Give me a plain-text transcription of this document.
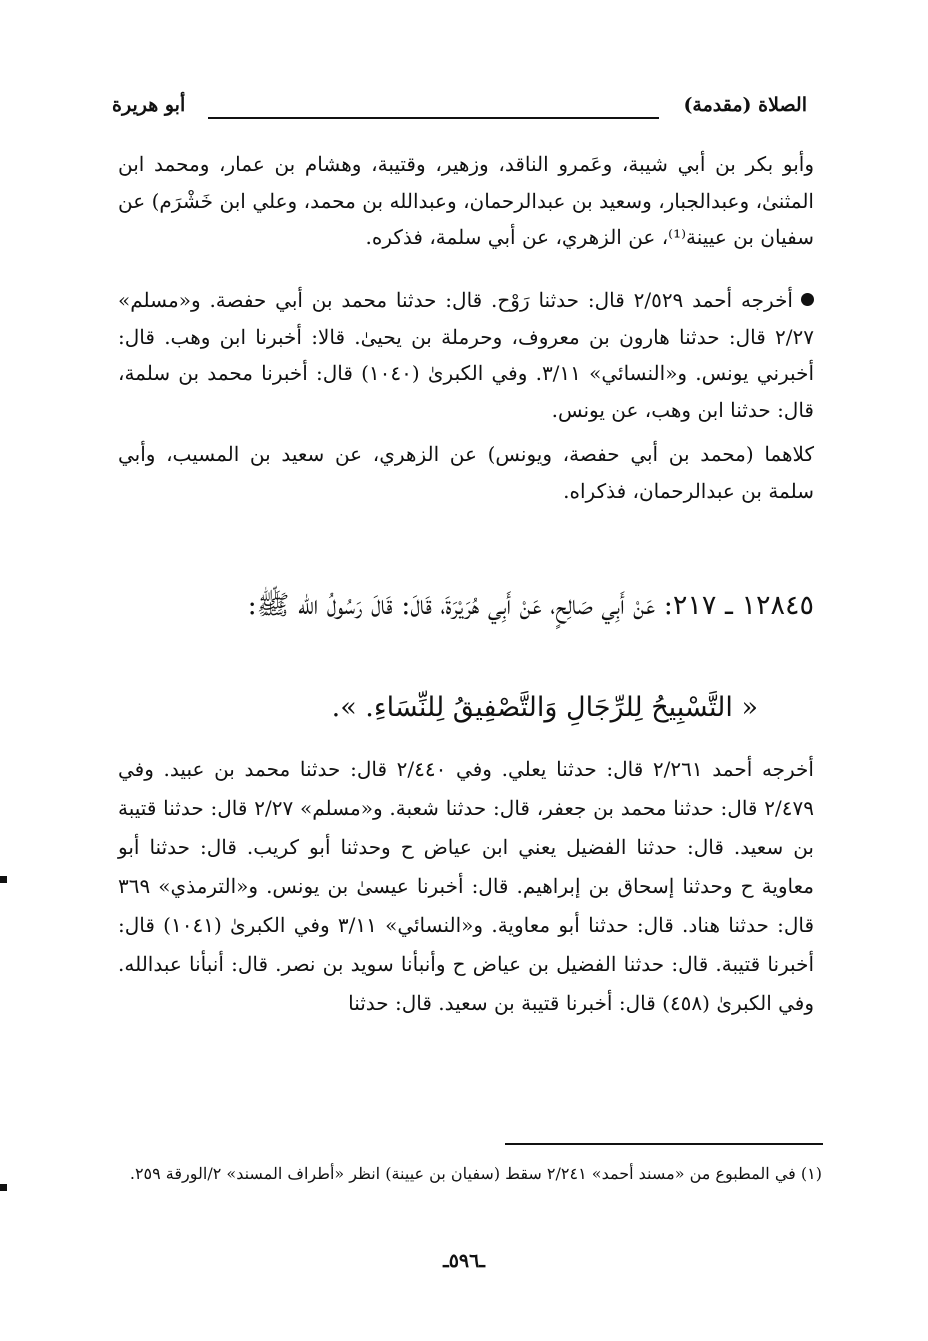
الصلاة (مقدمة)
أبو هريرة
وأبو بكر بن أبي شيبة، وعَمرو الناقد، وزهير، وقتيبة، وهشام بن عمار، ومحمد ابن المثنىٰ، وعبدالجبار، وسعيد بن عبدالرحمان، وعبدالله بن محمد، وعلي ابن خَشْرَم) عن سفيان بن عيينة⁽¹⁾، عن الزهري، عن أبي سلمة، فذكره.
أخرجه أحمد ٢/٥٢٩ قال: حدثنا رَوْح. قال: حدثنا محمد بن أبي حفصة. و«مسلم» ٢/٢٧ قال: حدثنا هارون بن معروف، وحرملة بن يحيىٰ. قالا: أخبرنا ابن وهب. قال: أخبرني يونس. و«النسائي» ٣/١١. وفي الكبرىٰ (١٠٤٠) قال: أخبرنا محمد بن سلمة، قال: حدثنا ابن وهب، عن يونس.
كلاهما (محمد بن أبي حفصة، ويونس) عن الزهري، عن سعيد بن المسيب، وأبي سلمة بن عبدالرحمان، فذكراه.
١٢٨٤٥ ـ ٢١٧: عَنْ أَبِي صَالِحٍ، عَنْ أَبِي هُرَيْرَةَ، قَالَ: قَالَ رَسُولُ الله ﷺ:
« التَّسْبِيحُ لِلرِّجَالِ وَالتَّصْفِيقُ لِلنِّسَاءِ. ».
أخرجه أحمد ٢/٢٦١ قال: حدثنا يعلي. وفي ٢/٤٤٠ قال: حدثنا محمد بن عبيد. وفي ٢/٤٧٩ قال: حدثنا محمد بن جعفر، قال: حدثنا شعبة. و«مسلم» ٢/٢٧ قال: حدثنا قتيبة بن سعيد. قال: حدثنا الفضيل يعني ابن عياض ح وحدثنا أبو كريب. قال: حدثنا أبو معاوية ح وحدثنا إسحاق بن إبراهيم. قال: أخبرنا عيسىٰ بن يونس. و«الترمذي» ٣٦٩ قال: حدثنا هناد. قال: حدثنا أبو معاوية. و«النسائي» ٣/١١ وفي الكبرىٰ (١٠٤١) قال: أخبرنا قتيبة. قال: حدثنا الفضيل بن عياض ح وأنبأنا سويد بن نصر. قال: أنبأنا عبدالله. وفي الكبرىٰ (٤٥٨) قال: أخبرنا قتيبة بن سعيد. قال: حدثنا
(١) في المطبوع من «مسند أحمد» ٢/٢٤١ سقط (سفيان بن عيينة) انظر «أطراف المسند» ٢/الورقة ٢٥٩.
ـ٥٩٦ـ
